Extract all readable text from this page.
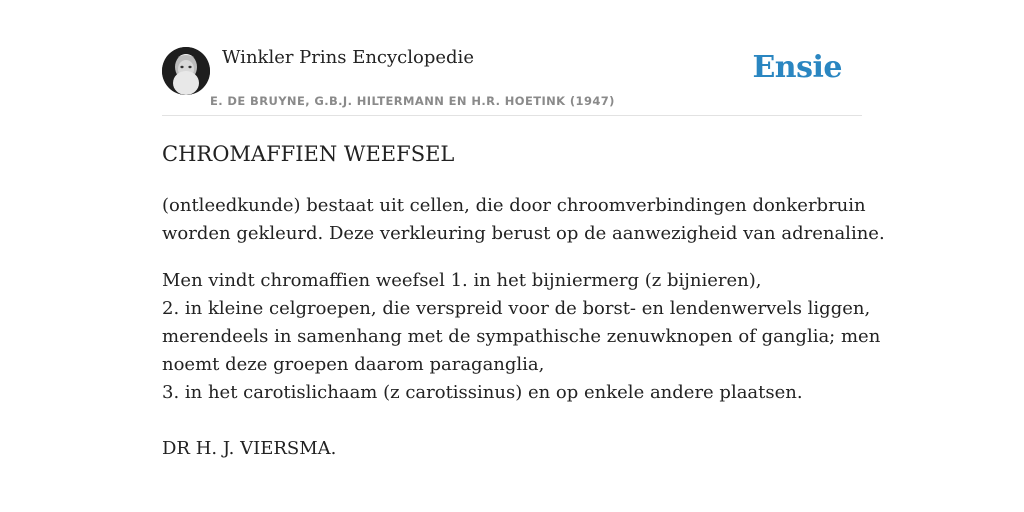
Winkler Prins Encyclopedie
E. DE BRUYNE, G.B.J. HILTERMANN EN H.R. HOETINK (1947)
Ensie
CHROMAFFIEN WEEFSEL
(ontleedkunde) bestaat uit cellen, die door chroomverbindingen donkerbruin
worden gekleurd. Deze verkleuring berust op de aanwezigheid van adrenaline.
Men vindt chromaffien weefsel 1. in het bijniermerg (z bijnieren),
2. in kleine celgroepen, die verspreid voor de borst- en lendenwervels liggen,
merendeels in samenhang met de sympathische zenuwknopen of ganglia; men
noemt deze groepen daarom paraganglia,
3. in het carotislichaam (z carotissinus) en op enkele andere plaatsen.
DR H. J. VIERSMA.
